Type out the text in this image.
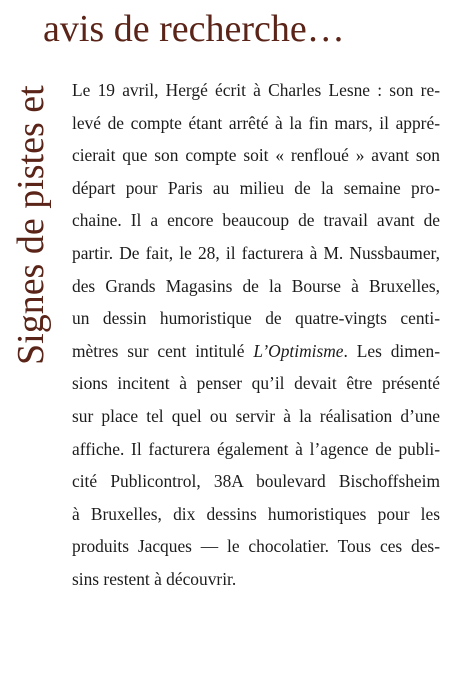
avis de recherche…
Signes de pistes et Le 19 avril, Hergé écrit à Charles Lesne : son re-
levé de compte étant arrêté à la fin mars, il appré-
cierait que son compte soit « renfloué » avant son
départ pour Paris au milieu de la semaine pro-
chaine. Il a encore beaucoup de travail avant de
partir. De fait, le 28, il facturera à M. Nussbaumer,
des Grands Magasins de la Bourse à Bruxelles,
un dessin humoristique de quatre-vingts centi-
mètres sur cent intitulé L’Optimisme. Les dimen-
sions incitent à penser qu’il devait être présenté
sur place tel quel ou servir à la réalisation d’une
affiche. Il facturera également à l’agence de publi-
cité Publicontrol, 38A boulevard Bischoffsheim
à Bruxelles, dix dessins humoristiques pour les
produits Jacques — le chocolatier. Tous ces des-
sins restent à découvrir.
